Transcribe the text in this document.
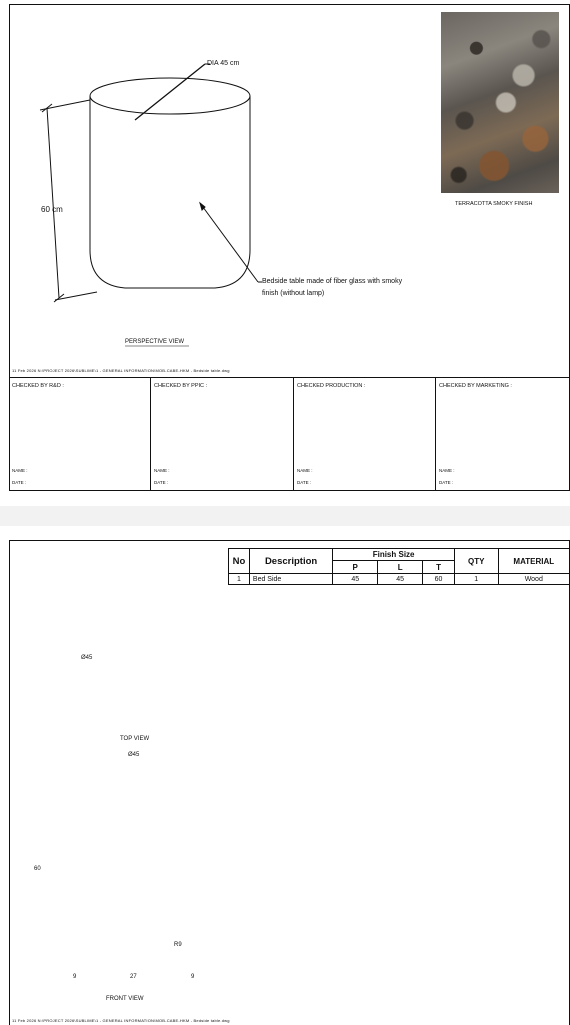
DIA 45 cm
60 cm
Bedside table made of fiber glass with smoky
finish (without lamp)
PERSPECTIVE VIEW
TERRACOTTA SMOKY FINISH
11 Feb 2026 N:\PROJECT 2026\SUBLIME\1 - GENERAL INFORMATION\MOB-CABE-HKM - Bedside table.dwg
CHECKED BY R&D :
NAME :
DATE :
CHECKED BY PPIC :
NAME :
DATE :
CHECKED PRODUCTION :
NAME :
DATE :
CHECKED BY MARKETING :
NAME :
DATE :
No	Description	Finish Size			QTY	MATERIAL
		P	L	T		
1	Bed Side	45	45	60	1	Wood
Ø45
TOP VIEW
Ø45
60
R9
9	27	9
FRONT VIEW
11 Feb 2026 N:\PROJECT 2026\SUBLIME\1 - GENERAL INFORMATION\MOB-CABE-HKM - Bedside table.dwg
